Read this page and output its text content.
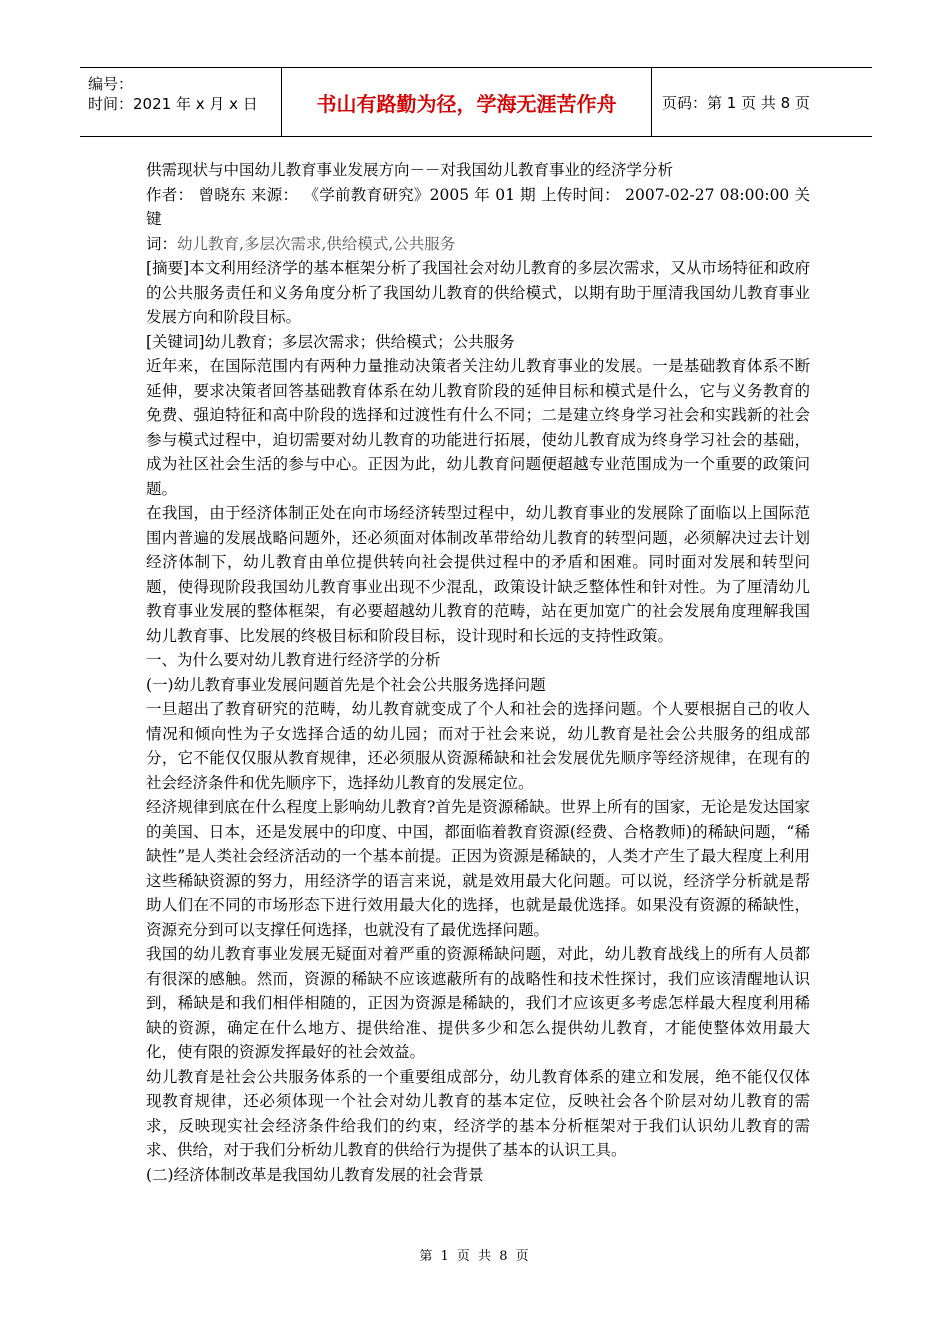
编号：
时间：2021 年 x 月 x 日	书山有路勤为径，学海无涯苦作舟	页码：第 1 页 共 8 页

供需现状与中国幼儿教育事业发展方向－－对我国幼儿教育事业的经济学分析

作者： 曾晓东 来源： 《学前教育研究》2005 年 01 期 上传时间： 2007-02-27 08:00:00 关键

词：幼儿教育,多层次需求,供给模式,公共服务

[摘要]本文利用经济学的基本框架分析了我国社会对幼儿教育的多层次需求，又从市场特征和政府的公共服务责任和义务角度分析了我国幼儿教育的供给模式，以期有助于厘清我国幼儿教育事业发展方向和阶段目标。

[关键词]幼儿教育；多层次需求；供给模式；公共服务

近年来，在国际范围内有两种力量推动决策者关注幼儿教育事业的发展。一是基础教育体系不断延伸，要求决策者回答基础教育体系在幼儿教育阶段的延伸目标和模式是什么，它与义务教育的免费、强迫特征和高中阶段的选择和过渡性有什么不同；二是建立终身学习社会和实践新的社会参与模式过程中，迫切需要对幼儿教育的功能进行拓展，使幼儿教育成为终身学习社会的基础，成为社区社会生活的参与中心。正因为此，幼儿教育问题便超越专业范围成为一个重要的政策问题。

在我国，由于经济体制正处在向市场经济转型过程中，幼儿教育事业的发展除了面临以上国际范围内普遍的发展战略问题外，还必须面对体制改革带给幼儿教育的转型问题，必须解决过去计划经济体制下，幼儿教育由单位提供转向社会提供过程中的矛盾和困难。同时面对发展和转型问题，使得现阶段我国幼儿教育事业出现不少混乱，政策设计缺乏整体性和针对性。为了厘清幼儿教育事业发展的整体框架，有必要超越幼儿教育的范畴，站在更加宽广的社会发展角度理解我国幼儿教育事、比发展的终极目标和阶段目标，设计现时和长远的支持性政策。

一、为什么要对幼儿教育进行经济学的分析

(一)幼儿教育事业发展问题首先是个社会公共服务选择问题

一旦超出了教育研究的范畴，幼儿教育就变成了个人和社会的选择问题。个人要根据自己的收人情况和倾向性为子女选择合适的幼儿园；而对于社会来说，幼儿教育是社会公共服务的组成部分，它不能仅仅服从教育规律，还必须服从资源稀缺和社会发展优先顺序等经济规律，在现有的社会经济条件和优先顺序下，选择幼儿教育的发展定位。

经济规律到底在什么程度上影响幼儿教育?首先是资源稀缺。世界上所有的国家，无论是发达国家的美国、日本，还是发展中的印度、中国，都面临着教育资源(经费、合格教师)的稀缺问题，“稀缺性”是人类社会经济活动的一个基本前提。正因为资源是稀缺的，人类才产生了最大程度上利用这些稀缺资源的努力，用经济学的语言来说，就是效用最大化问题。可以说，经济学分析就是帮助人们在不同的市场形态下进行效用最大化的选择，也就是最优选择。如果没有资源的稀缺性，资源充分到可以支撑任何选择，也就没有了最优选择问题。

我国的幼儿教育事业发展无疑面对着严重的资源稀缺问题，对此，幼儿教育战线上的所有人员都有很深的感触。然而，资源的稀缺不应该遮蔽所有的战略性和技术性探讨，我们应该清醒地认识到，稀缺是和我们相伴相随的，正因为资源是稀缺的，我们才应该更多考虑怎样最大程度利用稀缺的资源，确定在什么地方、提供给准、提供多少和怎么提供幼儿教育，才能使整体效用最大化，使有限的资源发挥最好的社会效益。

幼儿教育是社会公共服务体系的一个重要组成部分，幼儿教育体系的建立和发展，绝不能仅仅体现教育规律，还必须体现一个社会对幼儿教育的基本定位，反映社会各个阶层对幼儿教育的需求，反映现实社会经济条件给我们的约束，经济学的基本分析框架对于我们认识幼儿教育的需求、供给，对于我们分析幼儿教育的供给行为提供了基本的认识工具。

(二)经济体制改革是我国幼儿教育发展的社会背景

第 1 页 共 8 页
